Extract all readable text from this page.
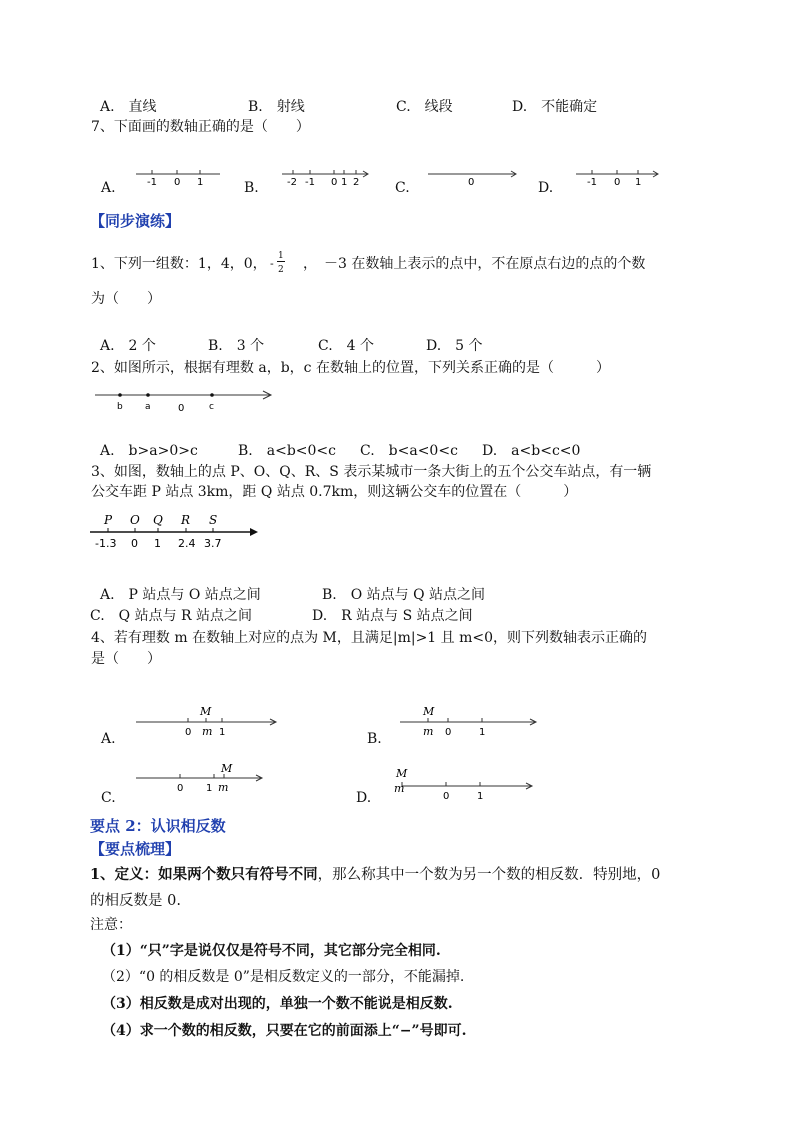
A.　直线	B.　射线	C.　线段	D.　不能确定
7、下面画的数轴正确的是（　　）
A.	-1 0 1	B.	-2 -1 0 1 2	C.	0	D.	-1 0 1
【同步演练】
1、下列一组数：1，4，0， -
1
2 ，　－3 在数轴上表示的点中，不在原点右边的点的个数
为（　　）
A.　2 个	B.　3 个	C.　4 个	D.　5 个
2、如图所示，根据有理数 a，b，c 在数轴上的位置，下列关系正确的是（　　　）
b a	0	c
A.　b>a>0>c	B.　a<b<0<c C.　b<a<0<c D.　a<b<c<0
3、如图，数轴上的点 P、O、Q、R、S 表示某城市一条大街上的五个公交车站点，有一辆
公交车距 P 站点 3km，距 Q 站点 0.7km，则这辆公交车的位置在（　　　）
P O Q R S
-1.3 0 1 2.4 3.7
A.　P 站点与 O 站点之间	B.　O 站点与 Q 站点之间
C.　Q 站点与 R 站点之间	D.　R 站点与 S 站点之间
4、若有理数 m 在数轴上对应的点为 M，且满足|m|>1 且 m<0，则下列数轴表示正确的
是（　　）
A.
M
0 m 1	B.
M
m 0	1
C.
M
0 1 m
D.
M
m
0	1
要点 2：认识相反数
【要点梳理】
1、定义：如果两个数只有符号不同，那么称其中一个数为另一个数的相反数．特别地，0
的相反数是 0.
注意：
（1）“只”字是说仅仅是符号不同，其它部分完全相同.
（2）“0 的相反数是 0”是相反数定义的一部分，不能漏掉.
（3）相反数是成对出现的，单独一个数不能说是相反数.
（4）求一个数的相反数，只要在它的前面添上“−”号即可.
